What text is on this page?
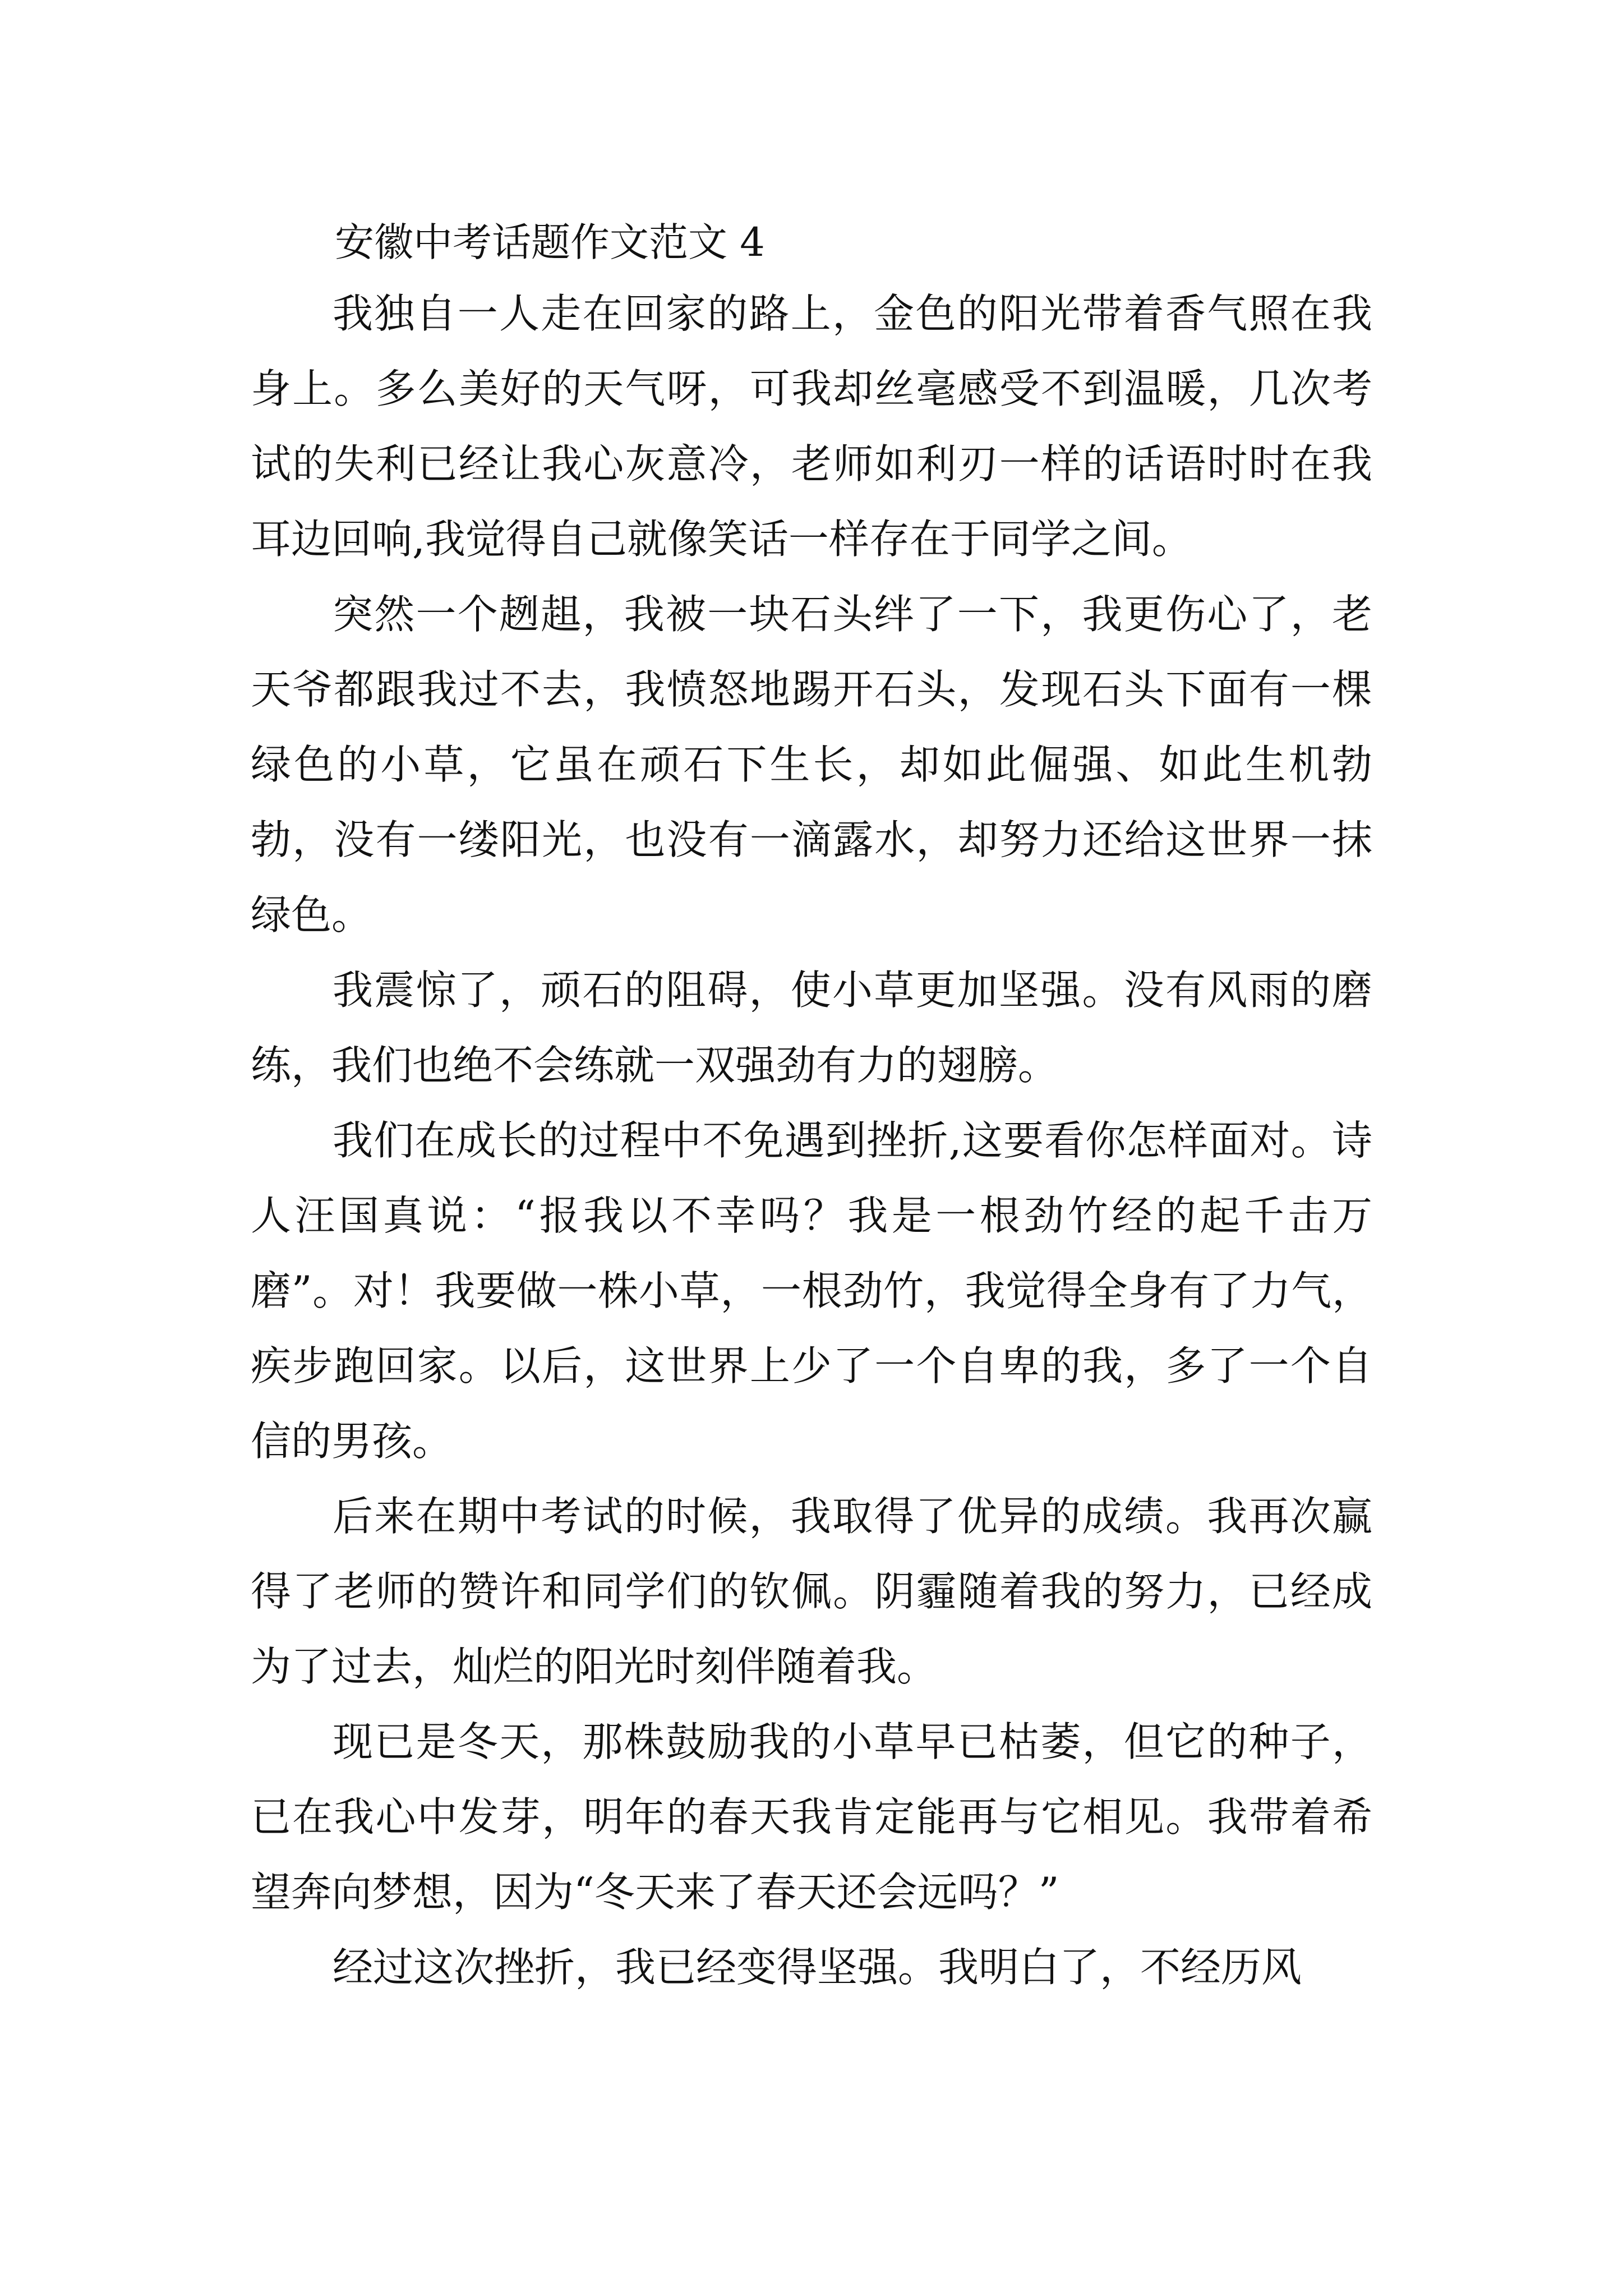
安徽中考话题作文范文 4

我独自一人走在回家的路上，金色的阳光带着香气照在我身上。多么美好的天气呀，可我却丝毫感受不到温暖，几次考试的失利已经让我心灰意冷，老师如利刃一样的话语时时在我耳边回响,我觉得自己就像笑话一样存在于同学之间。

突然一个趔趄，我被一块石头绊了一下，我更伤心了，老天爷都跟我过不去，我愤怒地踢开石头，发现石头下面有一棵绿色的小草，它虽在顽石下生长，却如此倔强、如此生机勃勃，没有一缕阳光，也没有一滴露水，却努力还给这世界一抹绿色。

我震惊了，顽石的阻碍，使小草更加坚强。没有风雨的磨练，我们也绝不会练就一双强劲有力的翅膀。

我们在成长的过程中不免遇到挫折,这要看你怎样面对。诗人汪国真说：“报我以不幸吗？我是一根劲竹经的起千击万磨”。对！我要做一株小草，一根劲竹，我觉得全身有了力气，疾步跑回家。以后，这世界上少了一个自卑的我，多了一个自信的男孩。

后来在期中考试的时候，我取得了优异的成绩。我再次赢得了老师的赞许和同学们的钦佩。阴霾随着我的努力，已经成为了过去，灿烂的阳光时刻伴随着我。

现已是冬天，那株鼓励我的小草早已枯萎，但它的种子，已在我心中发芽，明年的春天我肯定能再与它相见。我带着希望奔向梦想，因为“冬天来了春天还会远吗？”

经过这次挫折，我已经变得坚强。我明白了，不经历风
